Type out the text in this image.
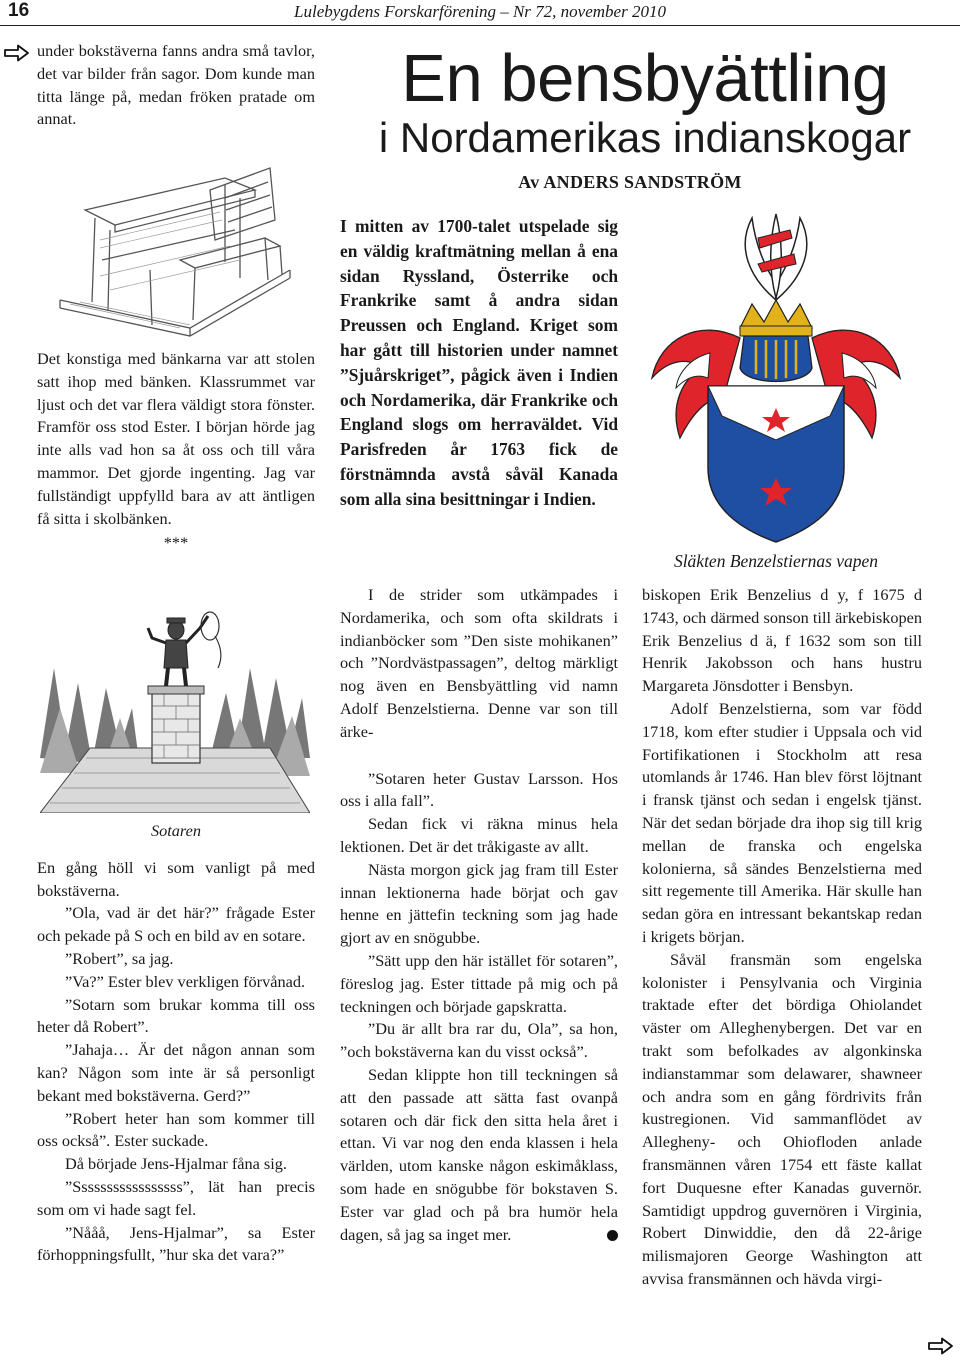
16	Lulebygdens Forskarförening – Nr 72, november 2010

under bokstäverna fanns andra små tavlor, det var bilder från sagor. Dom kunde man titta länge på, medan fröken pratade om annat.

Det konstiga med bänkarna var att stolen satt ihop med bänken. Klassrummet var ljust och det var flera väldigt stora fönster. Framför oss stod Ester. I början hörde jag inte alls vad hon sa åt oss och till våra mammor. Det gjorde ingenting. Jag var fullständigt uppfylld bara av att äntligen få sitta i skolbänken.

***

Sotaren

En gång höll vi som vanligt på med bokstäverna.

”Ola, vad är det här?” frågade Ester och pekade på S och en bild av en sotare.

”Robert”, sa jag.

”Va?” Ester blev verkligen förvånad.

”Sotarn som brukar komma till oss heter då Robert”.

”Jahaja… Är det någon annan som kan? Någon som inte är så personligt bekant med bokstäverna. Gerd?”

”Robert heter han som kommer till oss också”. Ester suckade.

Då började Jens-Hjalmar fåna sig.

”Sssssssssssssssss”, lät han precis som om vi hade sagt fel.

”Nååå, Jens-Hjalmar”, sa Ester förhoppningsfullt, ”hur ska det vara?”

En bensbyättling
i Nordamerikas indianskogar
Av ANDERS SANDSTRÖM
I mitten av 1700-talet utspelade sig en väldig kraftmätning mellan å ena sidan Ryssland, Österrike och Frankrike samt å andra sidan Preussen och England. Kriget som har gått till historien under namnet ”Sjuårskriget”, pågick även i Indien och Nordamerika, där Frankrike och England slogs om herraväldet. Vid Parisfreden år 1763 fick de förstnämnda avstå såväl Kanada som alla sina besittningar i Indien.
Släkten Benzelstiernas vapen

I de strider som utkämpades i Nordamerika, och som ofta skildrats i indianböcker som ”Den siste mohikanen” och ”Nordvästpassagen”, deltog märkligt nog även en Bensbyättling vid namn Adolf Benzelstierna. Denne var son till ärke-

”Sotaren heter Gustav Larsson. Hos oss i alla fall”.

Sedan fick vi räkna minus hela lektionen. Det är det tråkigaste av allt.

Nästa morgon gick jag fram till Ester innan lektionerna hade börjat och gav henne en jättefin teckning som jag hade gjort av en snögubbe.

”Sätt upp den här istället för sotaren”, föreslog jag. Ester tittade på mig och på teckningen och började gapskratta.

”Du är allt bra rar du, Ola”, sa hon, ”och bokstäverna kan du visst också”.

Sedan klippte hon till teckningen så att den passade att sätta fast ovanpå sotaren och där fick den sitta hela året i ettan. Vi var nog den enda klassen i hela världen, utom kanske någon eskimåklass, som hade en snögubbe för bokstaven S. Ester var glad och på bra humör hela dagen, så jag sa inget mer.

biskopen Erik Benzelius d y, f 1675 d 1743, och därmed sonson till ärkebiskopen Erik Benzelius d ä, f 1632 som son till Henrik Jakobsson och hans hustru Margareta Jönsdotter i Bensbyn.

Adolf Benzelstierna, som var född 1718, kom efter studier i Uppsala och vid Fortifikationen i Stockholm att resa utomlands år 1746. Han blev först löjtnant i fransk tjänst och sedan i engelsk tjänst. När det sedan började dra ihop sig till krig mellan de franska och engelska kolonierna, så sändes Benzelstierna med sitt regemente till Amerika. Här skulle han sedan göra en intressant bekantskap redan i krigets början.

Såväl fransmän som engelska kolonister i Pensylvania och Virginia traktade efter det bördiga Ohiolandet väster om Alleghenybergen. Det var en trakt som befolkades av algonkinska indianstammar som delawarer, shawneer och andra som en gång fördrivits från kustregionen. Vid sammanflödet av Allegheny- och Ohiofloden anlade fransmännen våren 1754 ett fäste kallat fort Duquesne efter Kanadas guvernör. Samtidigt uppdrog guvernören i Virginia, Robert Dinwiddie, den då 22-årige milismajoren George Washington att avvisa fransmännen och hävda virgi-
